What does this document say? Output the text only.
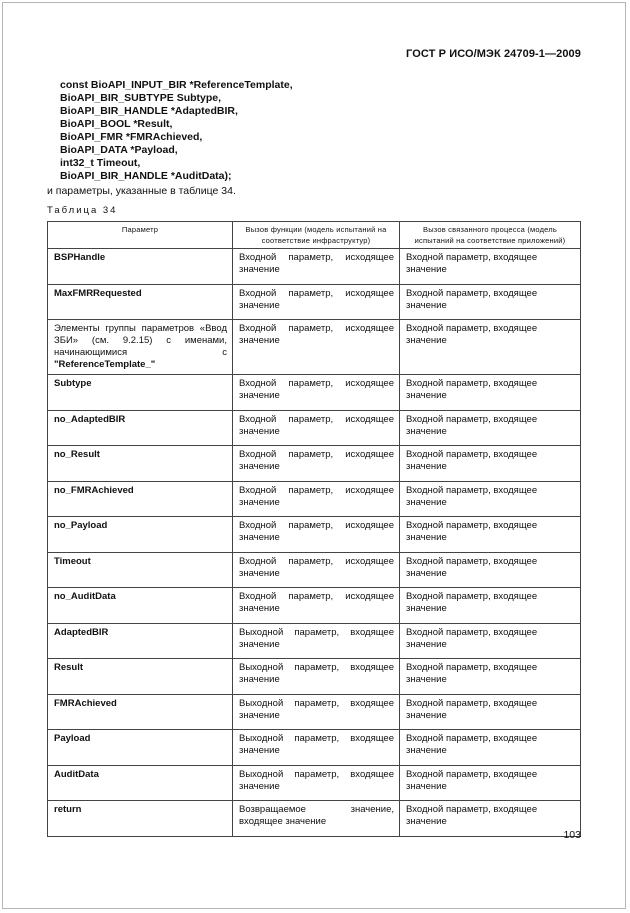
ГОСТ Р ИСО/МЭК 24709-1—2009
const BioAPI_INPUT_BIR *ReferenceTemplate,
BioAPI_BIR_SUBTYPE Subtype,
BioAPI_BIR_HANDLE *AdaptedBIR,
BioAPI_BOOL *Result,
BioAPI_FMR *FMRAchieved,
BioAPI_DATA *Payload,
int32_t Timeout,
BioAPI_BIR_HANDLE *AuditData);
и параметры, указанные в таблице 34.
Таблица 34
Параметр	Вызов функции (модель испытаний на соответствие инфраструктур)	Вызов связанного процесса (модель испытаний на соответствие приложений)
BSPHandle	Входной параметр, исходящее значение	Входной параметр, входящее значение
MaxFMRRequested	Входной параметр, исходящее значение	Входной параметр, входящее значение
Элементы группы параметров «Ввод ЗБИ» (см. 9.2.15) с именами, начинающимися с "ReferenceTemplate_"	Входной параметр, исходящее значение	Входной параметр, входящее значение
Subtype	Входной параметр, исходящее значение	Входной параметр, входящее значение
no_AdaptedBIR	Входной параметр, исходящее значение	Входной параметр, входящее значение
no_Result	Входной параметр, исходящее значение	Входной параметр, входящее значение
no_FMRAchieved	Входной параметр, исходящее значение	Входной параметр, входящее значение
no_Payload	Входной параметр, исходящее значение	Входной параметр, входящее значение
Timeout	Входной параметр, исходящее значение	Входной параметр, входящее значение
no_AuditData	Входной параметр, исходящее значение	Входной параметр, входящее значение
AdaptedBIR	Выходной параметр, входящее значение	Входной параметр, входящее значение
Result	Выходной параметр, входящее значение	Входной параметр, входящее значение
FMRAchieved	Выходной параметр, входящее значение	Входной параметр, входящее значение
Payload	Выходной параметр, входящее значение	Входной параметр, входящее значение
AuditData	Выходной параметр, входящее значение	Входной параметр, входящее значение
return	Возвращаемое значение, входящее значение	Входной параметр, входящее значение
103
